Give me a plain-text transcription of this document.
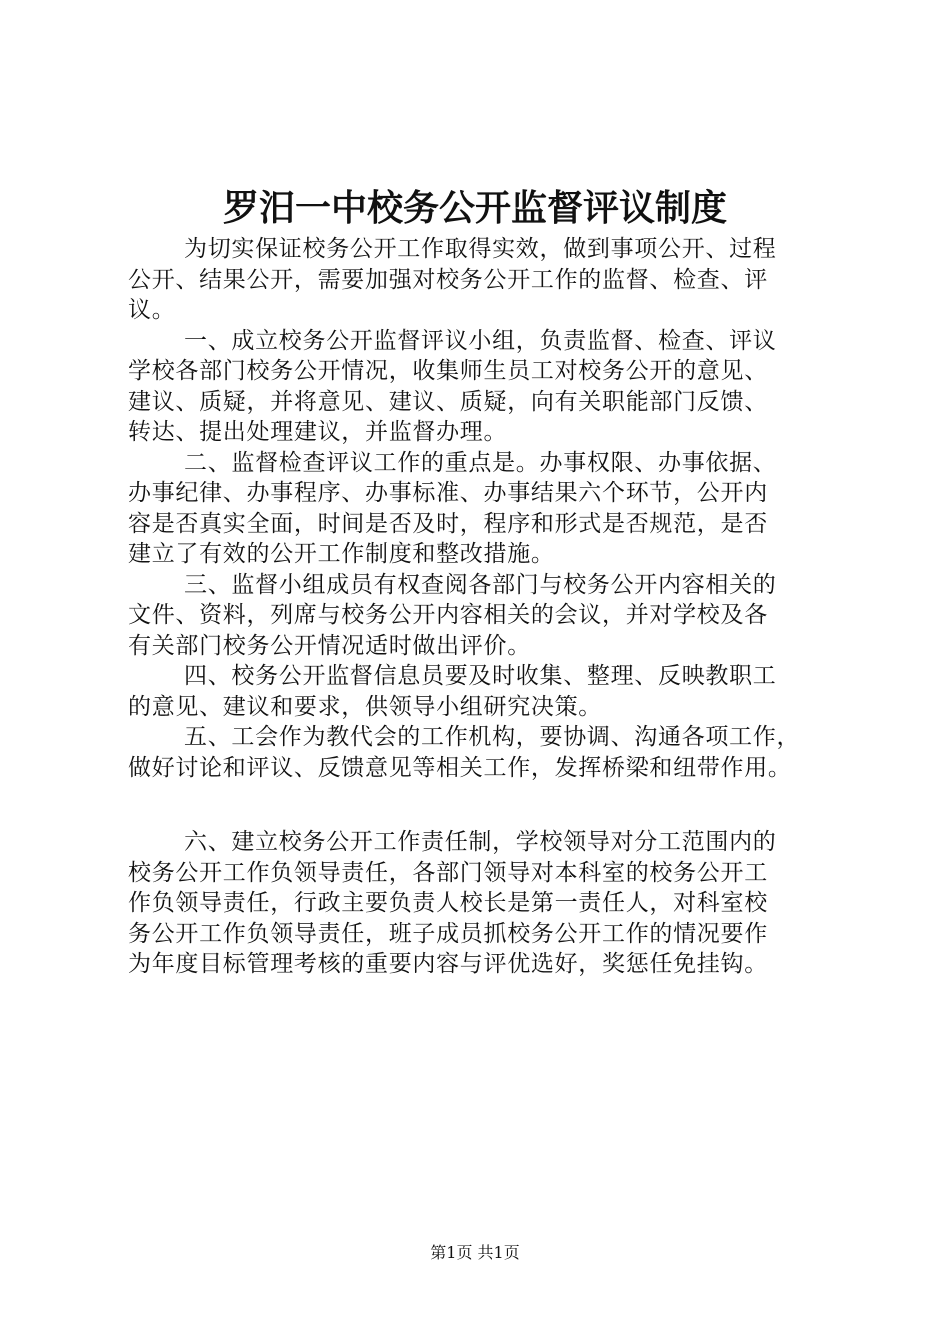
罗汨一中校务公开监督评议制度
为切实保证校务公开工作取得实效，做到事项公开、过程
公开、结果公开，需要加强对校务公开工作的监督、检查、评
议。
一、成立校务公开监督评议小组，负责监督、检查、评议
学校各部门校务公开情况，收集师生员工对校务公开的意见、
建议、质疑，并将意见、建议、质疑，向有关职能部门反馈、
转达、提出处理建议，并监督办理。
二、监督检查评议工作的重点是。办事权限、办事依据、
办事纪律、办事程序、办事标准、办事结果六个环节，公开内
容是否真实全面，时间是否及时，程序和形式是否规范，是否
建立了有效的公开工作制度和整改措施。
三、监督小组成员有权查阅各部门与校务公开内容相关的
文件、资料，列席与校务公开内容相关的会议，并对学校及各
有关部门校务公开情况适时做出评价。
四、校务公开监督信息员要及时收集、整理、反映教职工
的意见、建议和要求，供领导小组研究决策。
五、工会作为教代会的工作机构，要协调、沟通各项工作，
做好讨论和评议、反馈意见等相关工作，发挥桥梁和纽带作用。
六、建立校务公开工作责任制，学校领导对分工范围内的
校务公开工作负领导责任，各部门领导对本科室的校务公开工
作负领导责任，行政主要负责人校长是第一责任人，对科室校
务公开工作负领导责任，班子成员抓校务公开工作的情况要作
为年度目标管理考核的重要内容与评优选好，奖惩任免挂钩。
第1页 共1页
